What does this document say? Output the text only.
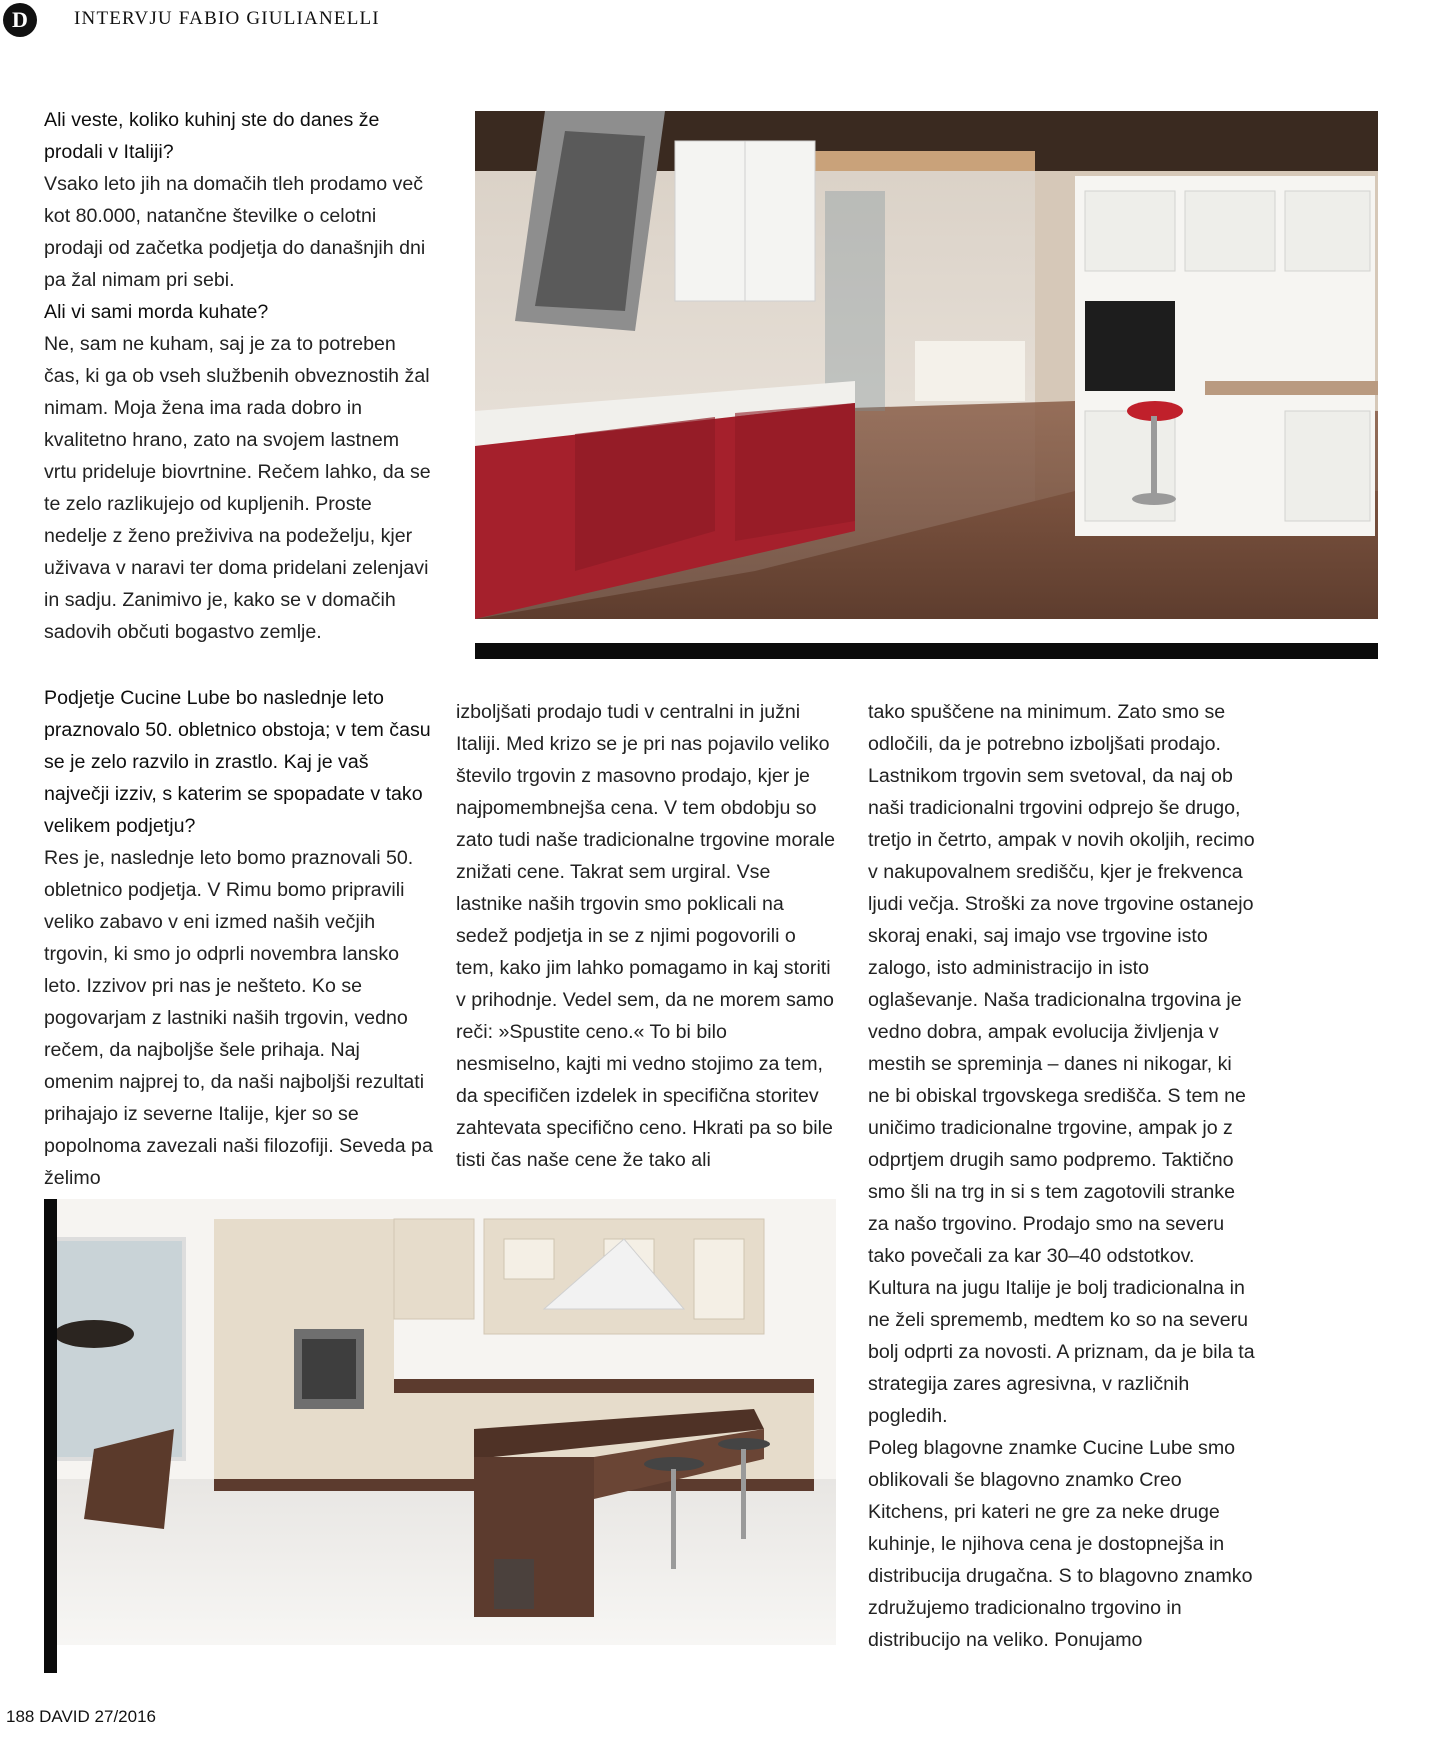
D
AVID
INTERVJU FABIO GIULIANELLI

Ali veste, koliko kuhinj ste do danes že prodali v Italiji?

Vsako leto jih na domačih tleh prodamo več kot 80.000, natančne številke o celotni prodaji od začetka podjetja do današnjih dni pa žal nimam pri sebi.

Ali vi sami morda kuhate?

Ne, sam ne kuham, saj je za to potreben čas, ki ga ob vseh službenih obveznostih žal nimam. Moja žena ima rada dobro in kvalitetno hrano, zato na svojem lastnem vrtu prideluje biovrtnine. Rečem lahko, da se te zelo razlikujejo od kupljenih. Proste nedelje z ženo preživiva na podeželju, kjer uživava v naravi ter doma pridelani zelenjavi in sadju. Zanimivo je, kako se v domačih sadovih občuti bogastvo zemlje.

Podjetje Cucine Lube bo naslednje leto praznovalo 50. obletnico obstoja; v tem času se je zelo razvilo in zrastlo. Kaj je vaš največji izziv, s katerim se spopadate v tako velikem podjetju?

Res je, naslednje leto bomo praznovali 50. obletnico podjetja. V Rimu bomo pripravili veliko zabavo v eni izmed naših večjih trgovin, ki smo jo odprli novembra lansko leto. Izzivov pri nas je nešteto. Ko se pogovarjam z lastniki naših trgovin, vedno rečem, da najboljše šele prihaja. Naj omenim najprej to, da naši najboljši rezultati prihajajo iz severne Italije, kjer so se popolnoma zavezali naši filozofiji. Seveda pa želimo

izboljšati prodajo tudi v centralni in južni Italiji. Med krizo se je pri nas pojavilo veliko število trgovin z masovno prodajo, kjer je najpomembnejša cena. V tem obdobju so zato tudi naše tradicionalne trgovine morale znižati cene. Takrat sem urgiral. Vse lastnike naših trgovin smo poklicali na sedež podjetja in se z njimi pogovorili o tem, kako jim lahko pomagamo in kaj storiti v prihodnje. Vedel sem, da ne morem samo reči: »Spustite ceno.« To bi bilo nesmiselno, kajti mi vedno stojimo za tem, da specifičen izdelek in specifična storitev zahtevata specifično ceno. Hkrati pa so bile tisti čas naše cene že tako ali

tako spuščene na minimum. Zato smo se odločili, da je potrebno izboljšati prodajo. Lastnikom trgovin sem svetoval, da naj ob naši tradicionalni trgovini odprejo še drugo, tretjo in četrto, ampak v novih okoljih, recimo v nakupovalnem središču, kjer je frekvenca ljudi večja. Stroški za nove trgovine ostanejo skoraj enaki, saj imajo vse trgovine isto zalogo, isto administracijo in isto oglaševanje. Naša tradicionalna trgovina je vedno dobra, ampak evolucija življenja v mestih se spreminja – danes ni nikogar, ki ne bi obiskal trgovskega središča. S tem ne uničimo tradicionalne trgovine, ampak jo z odprtjem drugih samo podpremo. Taktično smo šli na trg in si s tem zagotovili stranke za našo trgovino. Prodajo smo na severu tako povečali za kar 30–40 odstotkov. Kultura na jugu Italije je bolj tradicionalna in ne želi sprememb, medtem ko so na severu bolj odprti za novosti. A priznam, da je bila ta strategija zares agresivna, v različnih pogledih.

Poleg blagovne znamke Cucine Lube smo oblikovali še blagovno znamko Creo Kitchens, pri kateri ne gre za neke druge kuhinje, le njihova cena je dostopnejša in distribucija drugačna. S to blagovno znamko združujemo tradicionalno trgovino in distribucijo na veliko. Ponujamo

188 DAVID 27/2016
